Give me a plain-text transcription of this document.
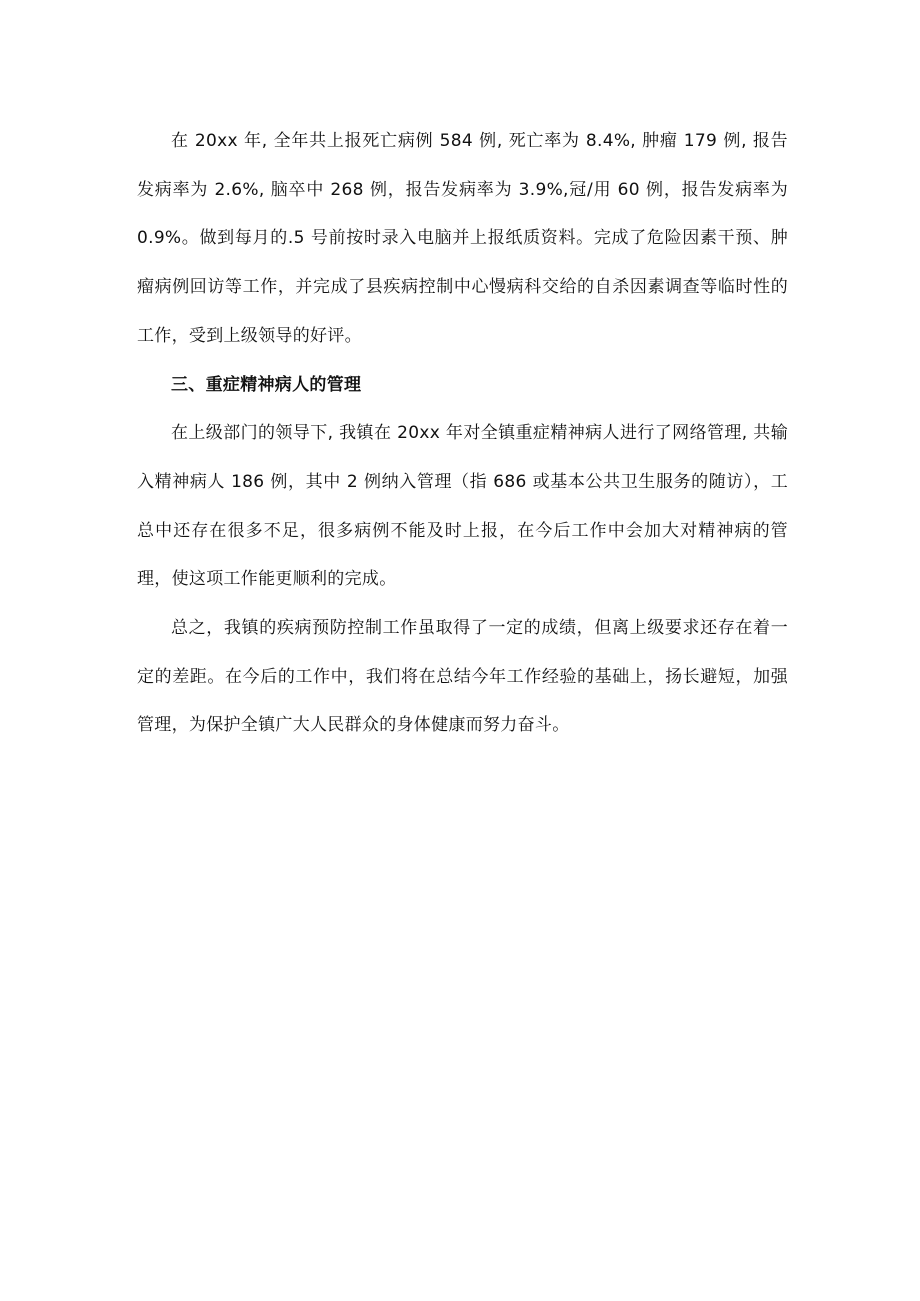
在 20xx 年, 全年共上报死亡病例 584 例, 死亡率为 8.4%, 肿瘤 179 例, 报告发病率为 2.6%, 脑卒中 268 例，报告发病率为 3.9%,冠/用 60 例，报告发病率为 0.9%。做到每月的.5 号前按时录入电脑并上报纸质资料。完成了危险因素干预、肿瘤病例回访等工作，并完成了县疾病控制中心慢病科交给的自杀因素调查等临时性的工作，受到上级领导的好评。

三、重症精神病人的管理

在上级部门的领导下, 我镇在 20xx 年对全镇重症精神病人进行了网络管理, 共输入精神病人 186 例，其中 2 例纳入管理（指 686 或基本公共卫生服务的随访），工总中还存在很多不足，很多病例不能及时上报，在今后工作中会加大对精神病的管理，使这项工作能更顺利的完成。

总之，我镇的疾病预防控制工作虽取得了一定的成绩，但离上级要求还存在着一定的差距。在今后的工作中，我们将在总结今年工作经验的基础上，扬长避短，加强管理，为保护全镇广大人民群众的身体健康而努力奋斗。
